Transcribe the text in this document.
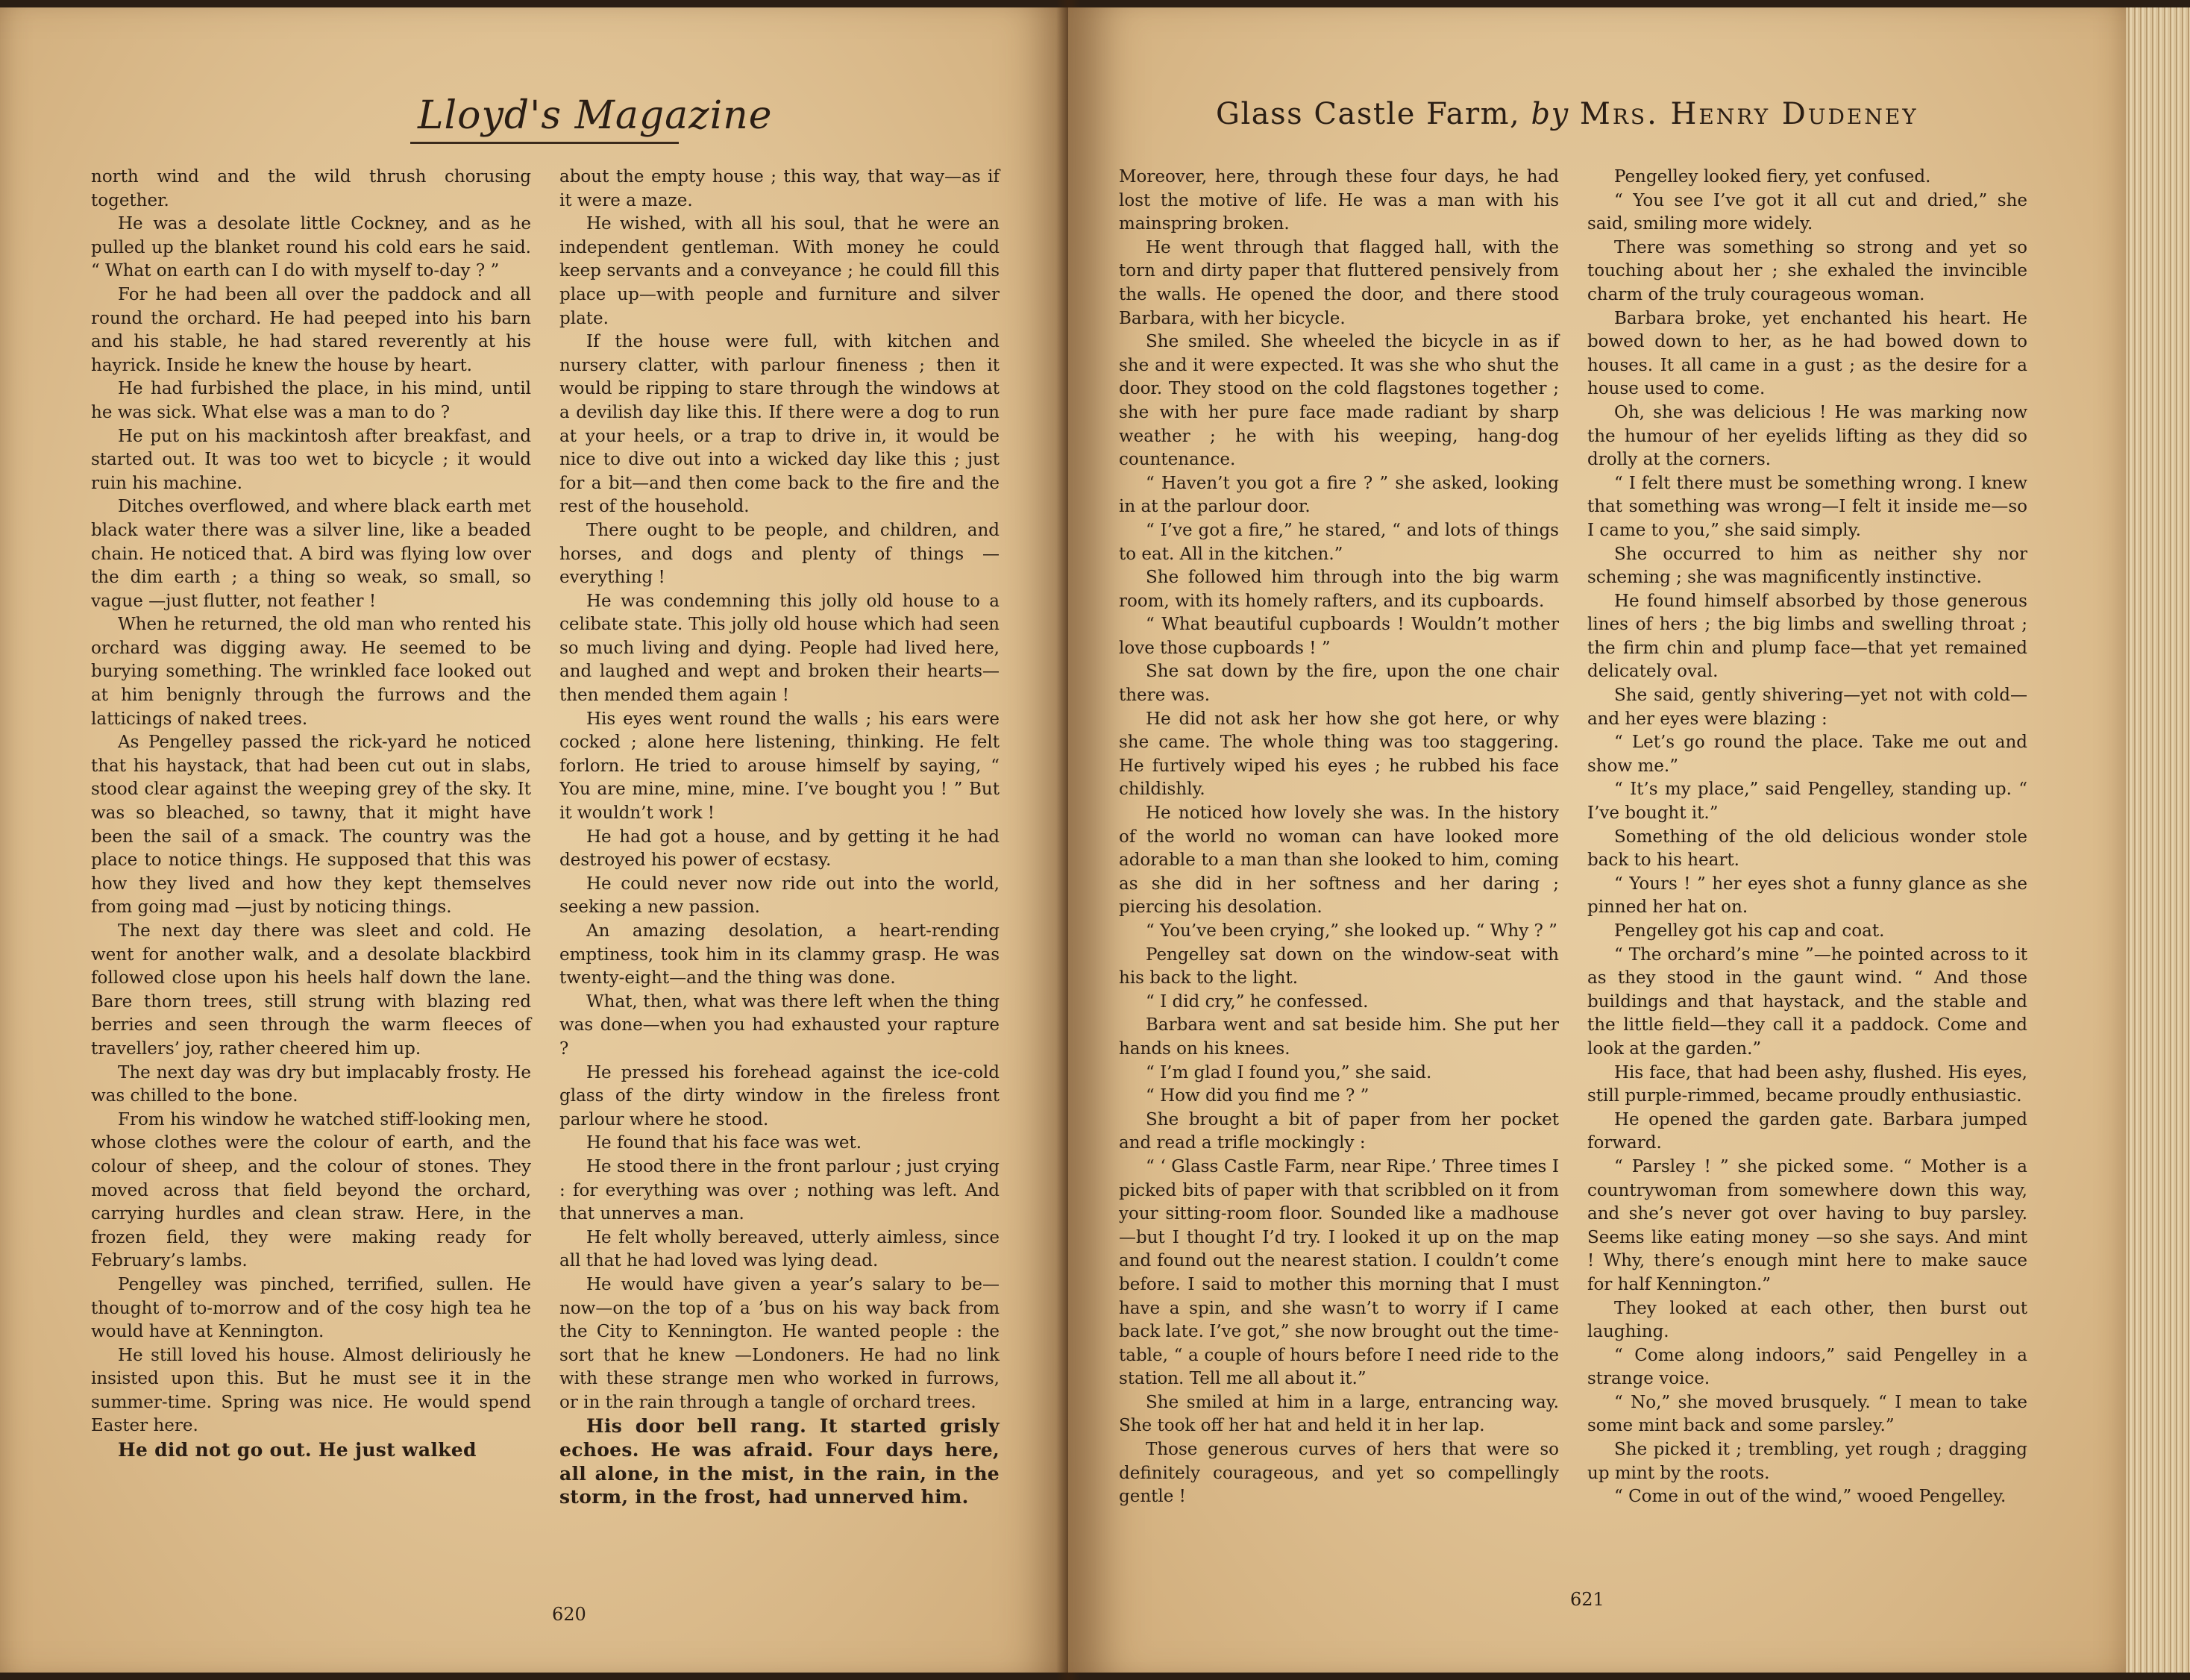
Lloyd's Magazine

north wind and the wild thrush chorusing together.

He was a desolate little Cockney, and as he pulled up the blanket round his cold ears he said. “ What on earth can I do with myself to-day ? ”

For he had been all over the paddock and all round the orchard. He had peeped into his barn and his stable, he had stared reverently at his hayrick. Inside he knew the house by heart.

He had furbished the place, in his mind, until he was sick. What else was a man to do ?

He put on his mackintosh after breakfast, and started out. It was too wet to bicycle ; it would ruin his machine.

Ditches overflowed, and where black earth met black water there was a silver line, like a beaded chain. He noticed that. A bird was flying low over the dim earth ; a thing so weak, so small, so vague —just flutter, not feather !

When he returned, the old man who rented his orchard was digging away. He seemed to be burying something. The wrinkled face looked out at him benignly through the furrows and the latticings of naked trees.

As Pengelley passed the rick-yard he noticed that his haystack, that had been cut out in slabs, stood clear against the weeping grey of the sky. It was so bleached, so tawny, that it might have been the sail of a smack. The country was the place to notice things. He supposed that this was how they lived and how they kept themselves from going mad —just by noticing things.

The next day there was sleet and cold. He went for another walk, and a desolate blackbird followed close upon his heels half down the lane. Bare thorn trees, still strung with blazing red berries and seen through the warm fleeces of travellers’ joy, rather cheered him up.

The next day was dry but implacably frosty. He was chilled to the bone.

From his window he watched stiff-looking men, whose clothes were the colour of earth, and the colour of sheep, and the colour of stones. They moved across that field beyond the orchard, carrying hurdles and clean straw. Here, in the frozen field, they were making ready for February’s lambs.

Pengelley was pinched, terrified, sullen. He thought of to-morrow and of the cosy high tea he would have at Kennington.

He still loved his house. Almost deliriously he insisted upon this. But he must see it in the summer-time. Spring was nice. He would spend Easter here.

He did not go out. He just walked

about the empty house ; this way, that way—as if it were a maze.

He wished, with all his soul, that he were an independent gentleman. With money he could keep servants and a conveyance ; he could fill this place up—with people and furniture and silver plate.

If the house were full, with kitchen and nursery clatter, with parlour fineness ; then it would be ripping to stare through the windows at a devilish day like this. If there were a dog to run at your heels, or a trap to drive in, it would be nice to dive out into a wicked day like this ; just for a bit—and then come back to the fire and the rest of the household.

There ought to be people, and children, and horses, and dogs and plenty of things —everything !

He was condemning this jolly old house to a celibate state. This jolly old house which had seen so much living and dying. People had lived here, and laughed and wept and broken their hearts—then mended them again !

His eyes went round the walls ; his ears were cocked ; alone here listening, thinking. He felt forlorn. He tried to arouse himself by saying, “ You are mine, mine, mine. I’ve bought you ! ” But it wouldn’t work !

He had got a house, and by getting it he had destroyed his power of ecstasy.

He could never now ride out into the world, seeking a new passion.

An amazing desolation, a heart-rending emptiness, took him in its clammy grasp. He was twenty-eight—and the thing was done.

What, then, what was there left when the thing was done—when you had exhausted your rapture ?

He pressed his forehead against the ice-cold glass of the dirty window in the fireless front parlour where he stood.

He found that his face was wet.

He stood there in the front parlour ; just crying : for everything was over ; nothing was left. And that unnerves a man.

He felt wholly bereaved, utterly aimless, since all that he had loved was lying dead.

He would have given a year’s salary to be—now—on the top of a ’bus on his way back from the City to Kennington. He wanted people : the sort that he knew —Londoners. He had no link with these strange men who worked in furrows, or in the rain through a tangle of orchard trees.

His door bell rang. It started grisly echoes. He was afraid. Four days here, all alone, in the mist, in the rain, in the storm, in the frost, had unnerved him.

620
Glass Castle Farm, by Mrs. Henry Dudeney

Moreover, here, through these four days, he had lost the motive of life. He was a man with his mainspring broken.

He went through that flagged hall, with the torn and dirty paper that fluttered pensively from the walls. He opened the door, and there stood Barbara, with her bicycle.

She smiled. She wheeled the bicycle in as if she and it were expected. It was she who shut the door. They stood on the cold flagstones together ; she with her pure face made radiant by sharp weather ; he with his weeping, hang-dog countenance.

“ Haven’t you got a fire ? ” she asked, looking in at the parlour door.

“ I’ve got a fire,” he stared, “ and lots of things to eat. All in the kitchen.”

She followed him through into the big warm room, with its homely rafters, and its cupboards.

“ What beautiful cupboards ! Wouldn’t mother love those cupboards ! ”

She sat down by the fire, upon the one chair there was.

He did not ask her how she got here, or why she came. The whole thing was too staggering. He furtively wiped his eyes ; he rubbed his face childishly.

He noticed how lovely she was. In the history of the world no woman can have looked more adorable to a man than she looked to him, coming as she did in her softness and her daring ; piercing his desolation.

“ You’ve been crying,” she looked up. “ Why ? ”

Pengelley sat down on the window-seat with his back to the light.

“ I did cry,” he confessed.

Barbara went and sat beside him. She put her hands on his knees.

“ I’m glad I found you,” she said.

“ How did you find me ? ”

She brought a bit of paper from her pocket and read a trifle mockingly :

“ ‘ Glass Castle Farm, near Ripe.’ Three times I picked bits of paper with that scribbled on it from your sitting-room floor. Sounded like a madhouse—but I thought I’d try. I looked it up on the map and found out the nearest station. I couldn’t come before. I said to mother this morning that I must have a spin, and she wasn’t to worry if I came back late. I’ve got,” she now brought out the time-table, “ a couple of hours before I need ride to the station. Tell me all about it.”

She smiled at him in a large, entrancing way. She took off her hat and held it in her lap.

Those generous curves of hers that were so definitely courageous, and yet so compellingly gentle !

Pengelley looked fiery, yet confused.

“ You see I’ve got it all cut and dried,” she said, smiling more widely.

There was something so strong and yet so touching about her ; she exhaled the invincible charm of the truly courageous woman.

Barbara broke, yet enchanted his heart. He bowed down to her, as he had bowed down to houses. It all came in a gust ; as the desire for a house used to come.

Oh, she was delicious ! He was marking now the humour of her eyelids lifting as they did so drolly at the corners.

“ I felt there must be something wrong. I knew that something was wrong—I felt it inside me—so I came to you,” she said simply.

She occurred to him as neither shy nor scheming ; she was magnificently instinctive.

He found himself absorbed by those generous lines of hers ; the big limbs and swelling throat ; the firm chin and plump face—that yet remained delicately oval.

She said, gently shivering—yet not with cold—and her eyes were blazing :

“ Let’s go round the place. Take me out and show me.”

“ It’s my place,” said Pengelley, standing up. “ I’ve bought it.”

Something of the old delicious wonder stole back to his heart.

“ Yours ! ” her eyes shot a funny glance as she pinned her hat on.

Pengelley got his cap and coat.

“ The orchard’s mine ”—he pointed across to it as they stood in the gaunt wind. “ And those buildings and that haystack, and the stable and the little field—they call it a paddock. Come and look at the garden.”

His face, that had been ashy, flushed. His eyes, still purple-rimmed, became proudly enthusiastic.

He opened the garden gate. Barbara jumped forward.

“ Parsley ! ” she picked some. “ Mother is a countrywoman from somewhere down this way, and she’s never got over having to buy parsley. Seems like eating money —so she says. And mint ! Why, there’s enough mint here to make sauce for half Kennington.”

They looked at each other, then burst out laughing.

“ Come along indoors,” said Pengelley in a strange voice.

“ No,” she moved brusquely. “ I mean to take some mint back and some parsley.”

She picked it ; trembling, yet rough ; dragging up mint by the roots.

“ Come in out of the wind,” wooed Pengelley.

621
